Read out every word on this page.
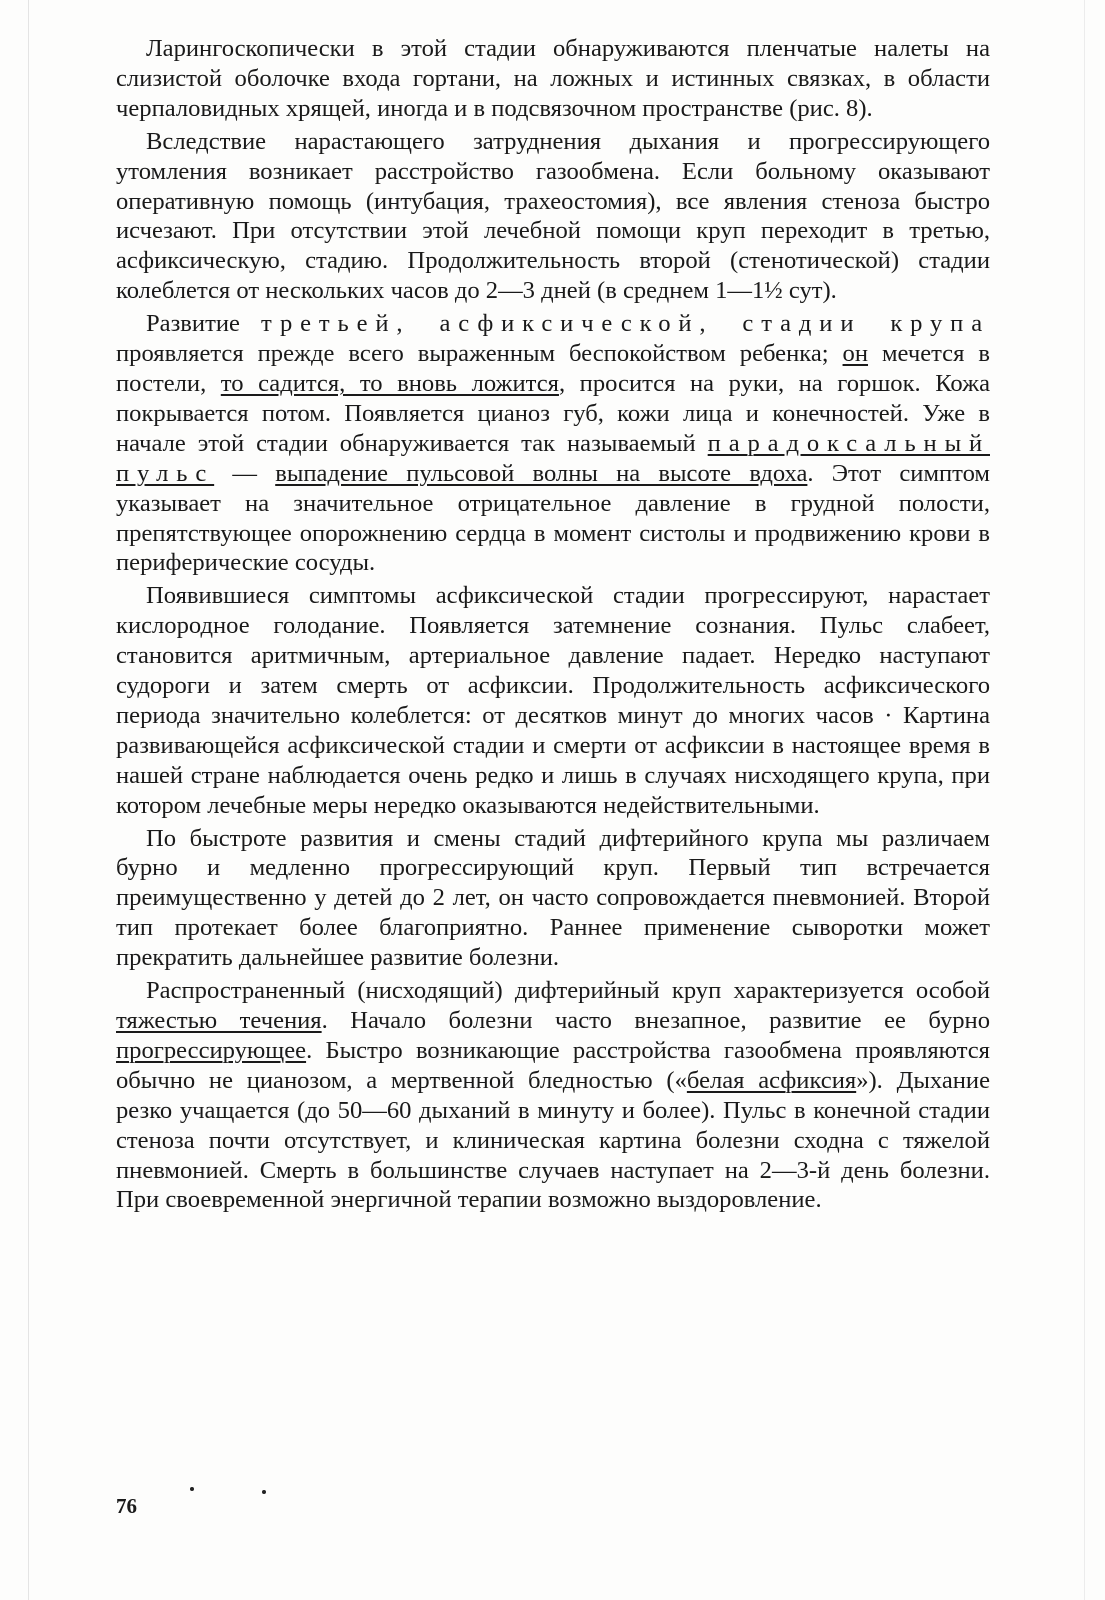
Ларингоскопически в этой стадии обнаруживаются пленчатые налеты на слизистой оболочке входа гортани, на ложных и истинных связках, в области черпаловидных хрящей, иногда и в подсвязочном пространстве (рис. 8).

Вследствие нарастающего затруднения дыхания и прогрессирующего утомления возникает расстройство газообмена. Если больному оказывают оперативную помощь (интубация, трахеостомия), все явления стеноза быстро исчезают. При отсутствии этой лечебной помощи круп переходит в третью, асфиксическую, стадию. Продолжительность второй (стенотической) стадии колеблется от нескольких часов до 2—3 дней (в среднем 1—1½ сут).

Развитие третьей, асфиксической, стадии крупа проявляется прежде всего выраженным беспокойством ребенка; он мечется в постели, то садится, то вновь ложится, просится на руки, на горшок. Кожа покрывается потом. Появляется цианоз губ, кожи лица и конечностей. Уже в начале этой стадии обнаруживается так называемый парадоксальный пульс — выпадение пульсовой волны на высоте вдоха. Этот симптом указывает на значительное отрицательное давление в грудной полости, препятствующее опорожнению сердца в момент систолы и продвижению крови в периферические сосуды.

Появившиеся симптомы асфиксической стадии прогрессируют, нарастает кислородное голодание. Появляется затемнение сознания. Пульс слабеет, становится аритмичным, артериальное давление падает. Нередко наступают судороги и затем смерть от асфиксии. Продолжительность асфиксического периода значительно колеблется: от десятков минут до многих часов · Картина развивающейся асфиксической стадии и смерти от асфиксии в настоящее время в нашей стране наблюдается очень редко и лишь в случаях нисходящего крупа, при котором лечебные меры нередко оказываются недействительными.

По быстроте развития и смены стадий дифтерийного крупа мы различаем бурно и медленно прогрессирующий круп. Первый тип встречается преимущественно у детей до 2 лет, он часто сопровождается пневмонией. Второй тип протекает более благоприятно. Раннее применение сыворотки может прекратить дальнейшее развитие болезни.

Распространенный (нисходящий) дифтерийный круп характеризуется особой тяжестью течения. Начало болезни часто внезапное, развитие ее бурно прогрессирующее. Быстро возникающие расстройства газообмена проявляются обычно не цианозом, а мертвенной бледностью («белая асфиксия»). Дыхание резко учащается (до 50—60 дыханий в минуту и более). Пульс в конечной стадии стеноза почти отсутствует, и клиническая картина болезни сходна с тяжелой пневмонией. Смерть в большинстве случаев наступает на 2—3-й день болезни. При своевременной энергичной терапии возможно выздоровление.

76
